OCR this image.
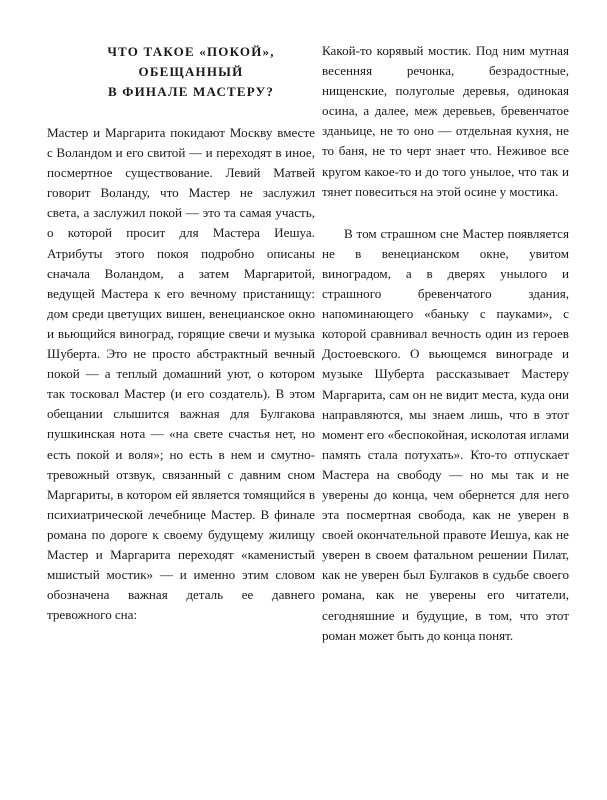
ЧТО ТАКОЕ «ПОКОЙ»,
ОБЕЩАННЫЙ
В ФИНАЛЕ МАСТЕРУ?

Мастер и Маргарита покидают Москву вместе с Воландом и его свитой — и переходят в иное, посмертное существование. Левий Матвей говорит Воланду, что Мастер не заслужил света, а заслужил покой — это та самая участь, о которой просит для Мастера Иешуа. Атрибуты этого покоя подробно описаны сначала Воландом, а затем Маргаритой, ведущей Мастера к его вечному пристанищу: дом среди цветущих вишен, венецианское окно и вьющийся виноград, горящие свечи и музыка Шуберта. Это не просто абстрактный вечный покой — а теплый домашний уют, о котором так тосковал Мастер (и его создатель). В этом обещании слышится важная для Булгакова пушкинская нота — «на свете счастья нет, но есть покой и воля»; но есть в нем и смутно-тревожный отзвук, связанный с давним сном Маргариты, в котором ей является томящийся в психиатрической лечебнице Мастер. В финале романа по дороге к своему будущему жилищу Мастер и Маргарита переходят «каменистый мшистый мостик» — и именно этим словом обозначена важная деталь ее давнего тревожного сна:

Какой-то корявый мостик. Под ним мутная весенняя речонка, безрадостные, нищенские, полуголые деревья, одинокая осина, а далее, меж деревьев, бревенчатое зданьице, не то оно — отдельная кухня, не то баня, не то черт знает что. Неживое все кругом какое-то и до того унылое, что так и тянет повеситься на этой осине у мостика.

В том страшном сне Мастер появляется не в венецианском окне, увитом виноградом, а в дверях унылого и страшного бревенчатого здания, напоминающего «баньку с пауками», с которой сравнивал вечность один из героев Достоевского. О вьющемся винограде и музыке Шуберта рассказывает Мастеру Маргарита, сам он не видит места, куда они направляются, мы знаем лишь, что в этот момент его «беспокойная, исколотая иглами память стала потухать». Кто-то отпускает Мастера на свободу — но мы так и не уверены до конца, чем обернется для него эта посмертная свобода, как не уверен в своей окончательной правоте Иешуа, как не уверен в своем фатальном решении Пилат, как не уверен был Булгаков в судьбе своего романа, как не уверены его читатели, сегодняшние и будущие, в том, что этот роман может быть до конца понят.
